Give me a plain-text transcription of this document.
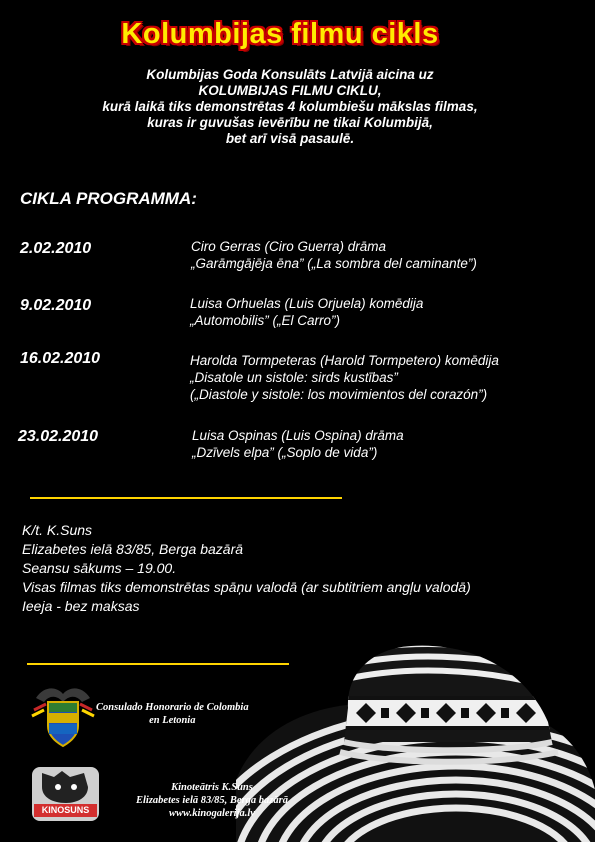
Kolumbijas filmu cikls
Kolumbijas Goda Konsulāts Latvijā aicina uz
KOLUMBIJAS FILMU CIKLU,
kurā laikā tiks demonstrētas 4 kolumbiešu mākslas filmas,
kuras ir guvušas ievērību ne tikai Kolumbijā,
bet arī visā pasaulē.
CIKLA PROGRAMMA:
2.02.2010	Ciro Gerras (Ciro Guerra) drāma
„Garāmgājēja ēna” („La sombra del caminante”)
9.02.2010	Luisa Orhuelas (Luis Orjuela) komēdija
„Automobilis” („El Carro”)
16.02.2010	Harolda Tormpeteras (Harold Tormpetero) komēdija
„Disatole un sistole: sirds kustības”
(„Diastole y sistole: los movimientos del corazón”)
23.02.2010	Luisa Ospinas (Luis Ospina) drāma
„Dzīvels elpa” („Soplo de vida”)
K/t. K.Suns
Elizabetes ielā 83/85, Berga bazārā
Seansu sākums – 19.00.
Visas filmas tiks demonstrētas spāņu valodā (ar subtitriem angļu valodā)
Ieeja - bez maksas
Consulado Honorario de Colombia
en Letonia
KINOSUNS
Kinoteātris K.Suns
Elizabetes ielā 83/85, Berga bazārā
www.kinogalerija.lv
